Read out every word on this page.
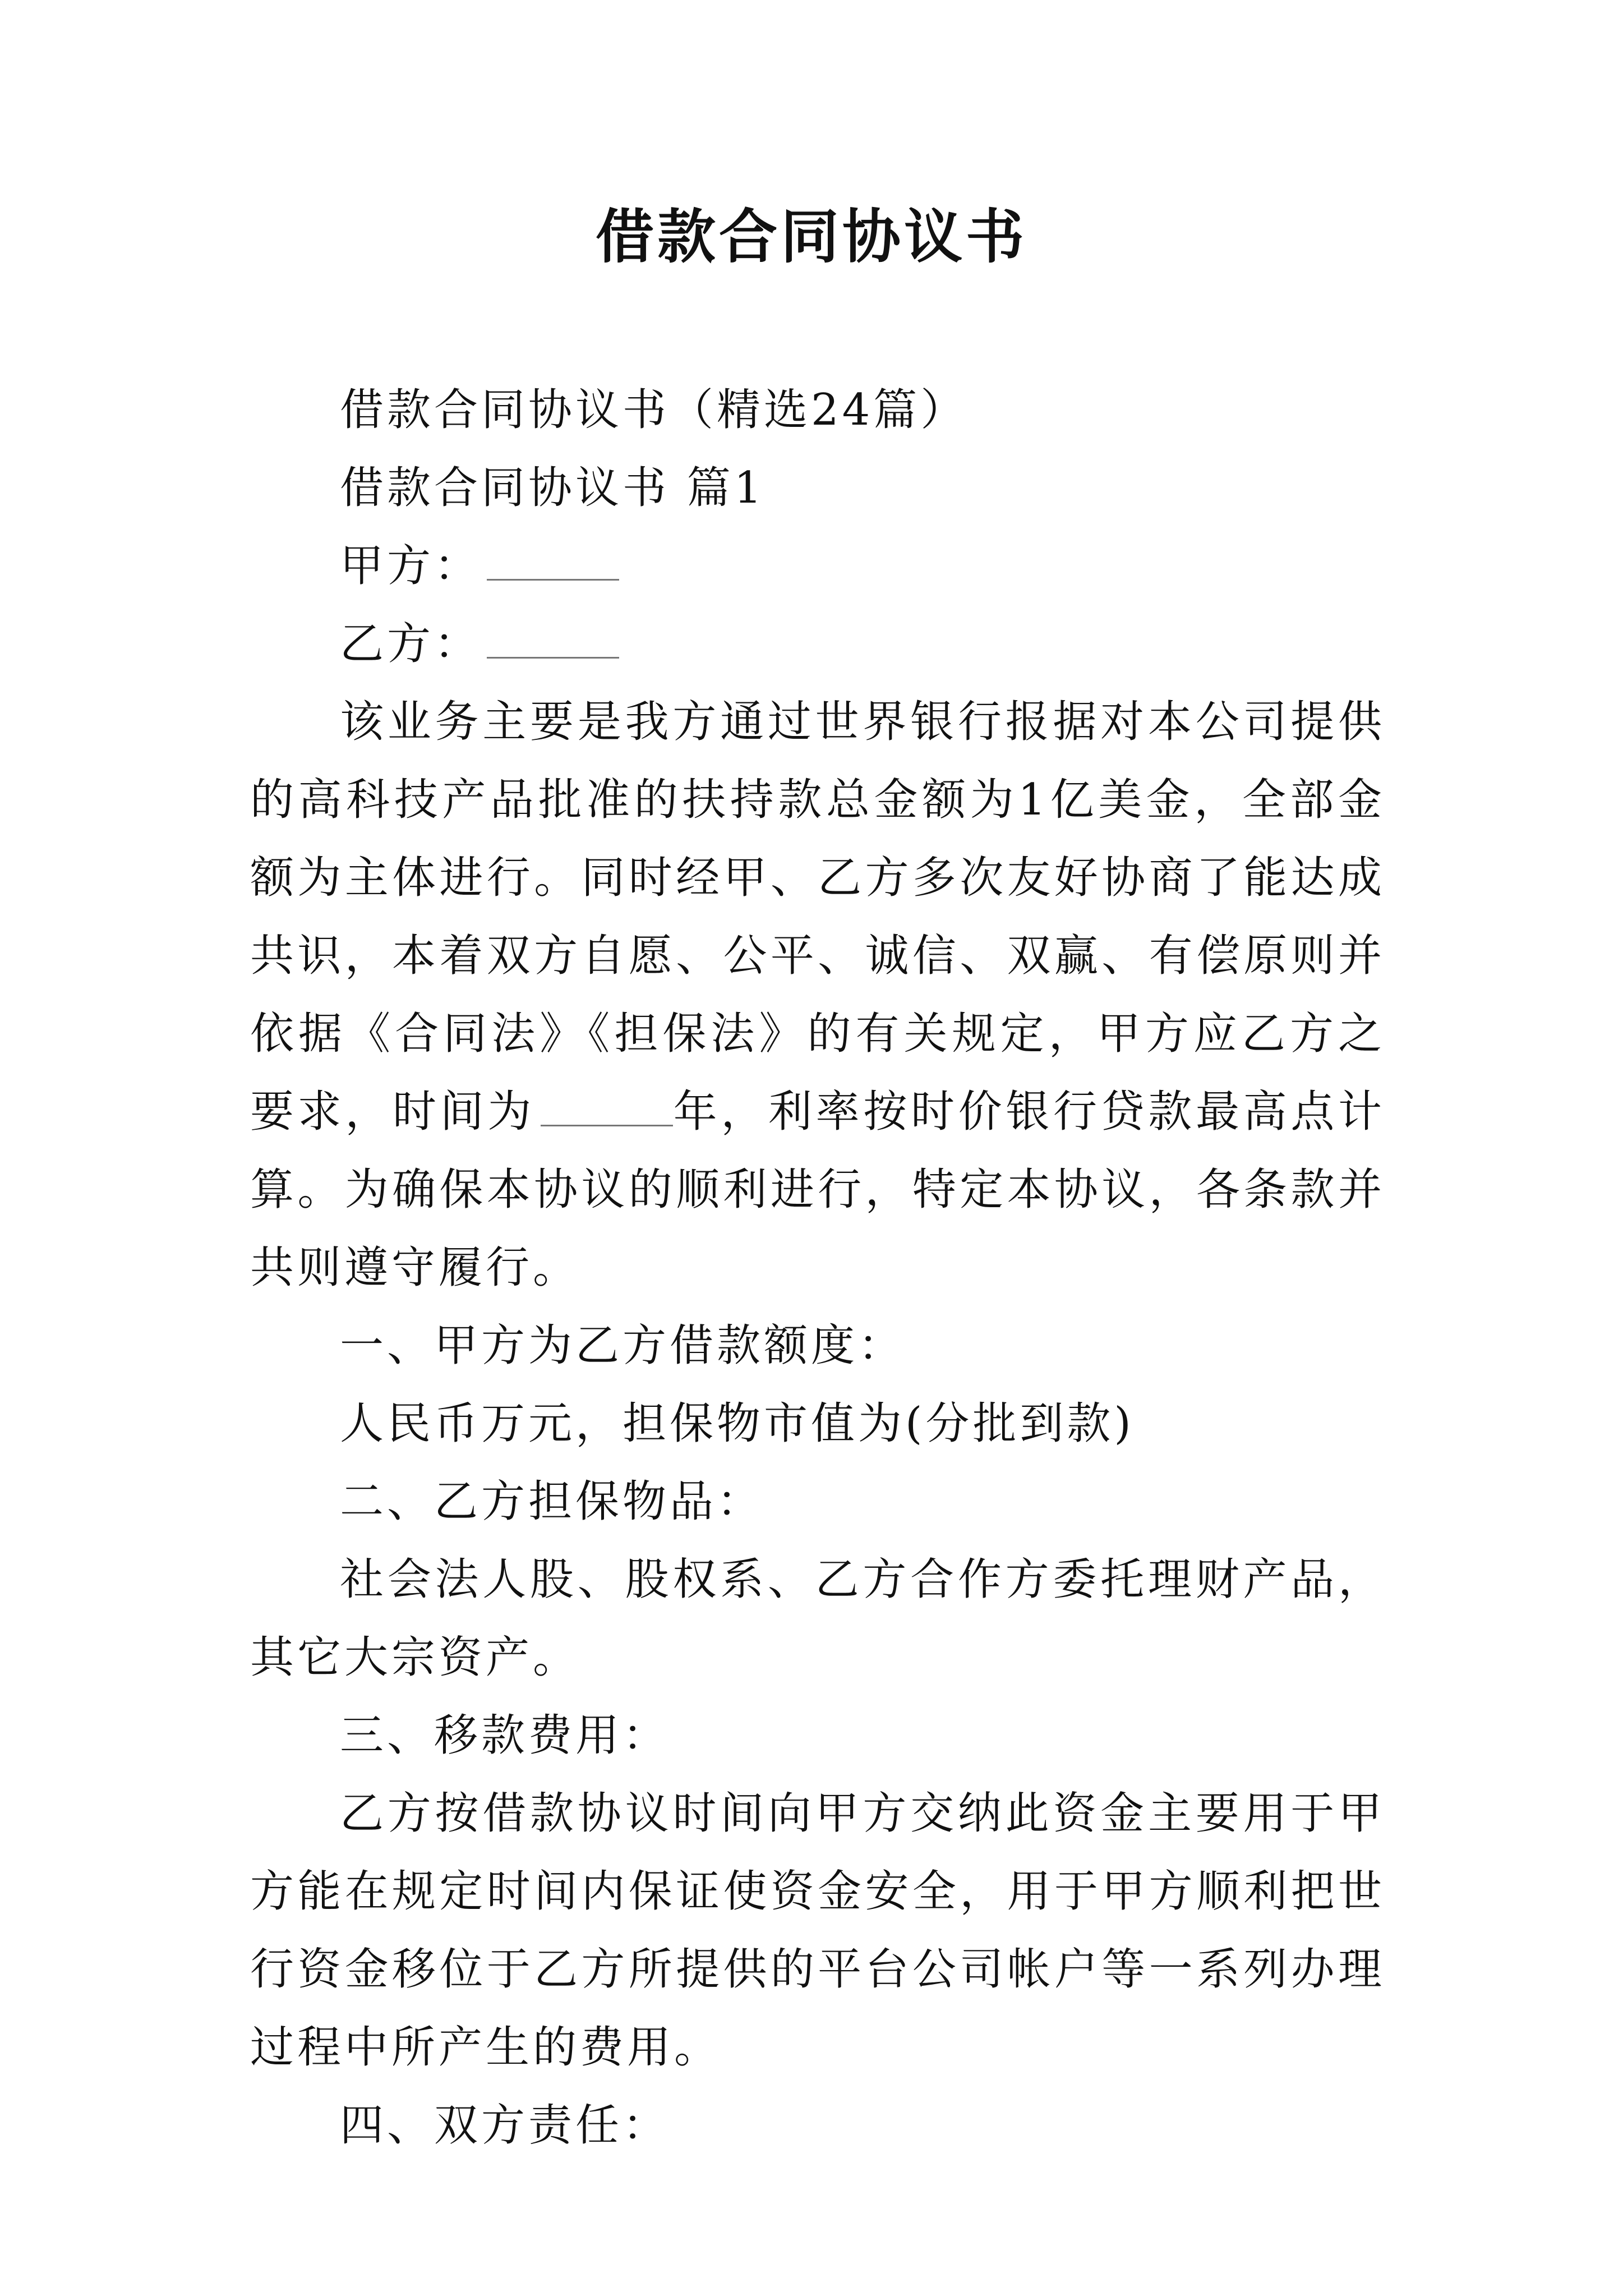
借款合同协议书

借款合同协议书（精选24篇）

借款合同协议书 篇1

甲方：

乙方：

该业务主要是我方通过世界银行报据对本公司提供的高科技产品批准的扶持款总金额为1亿美金，全部金额为主体进行。同时经甲、乙方多次友好协商了能达成共识，本着双方自愿、公平、诚信、双赢、有偿原则并依据《合同法》《担保法》的有关规定，甲方应乙方之要求，时间为	年，利率按时价银行贷款最高点计算。为确保本协议的顺利进行，特定本协议，各条款并共则遵守履行。

一、甲方为乙方借款额度：

人民币万元，担保物市值为(分批到款)

二、乙方担保物品：

社会法人股、股权系、乙方合作方委托理财产品，其它大宗资产。

三、移款费用：

乙方按借款协议时间向甲方交纳此资金主要用于甲方能在规定时间内保证使资金安全，用于甲方顺利把世行资金移位于乙方所提供的平台公司帐户等一系列办理过程中所产生的费用。

四、双方责任：
